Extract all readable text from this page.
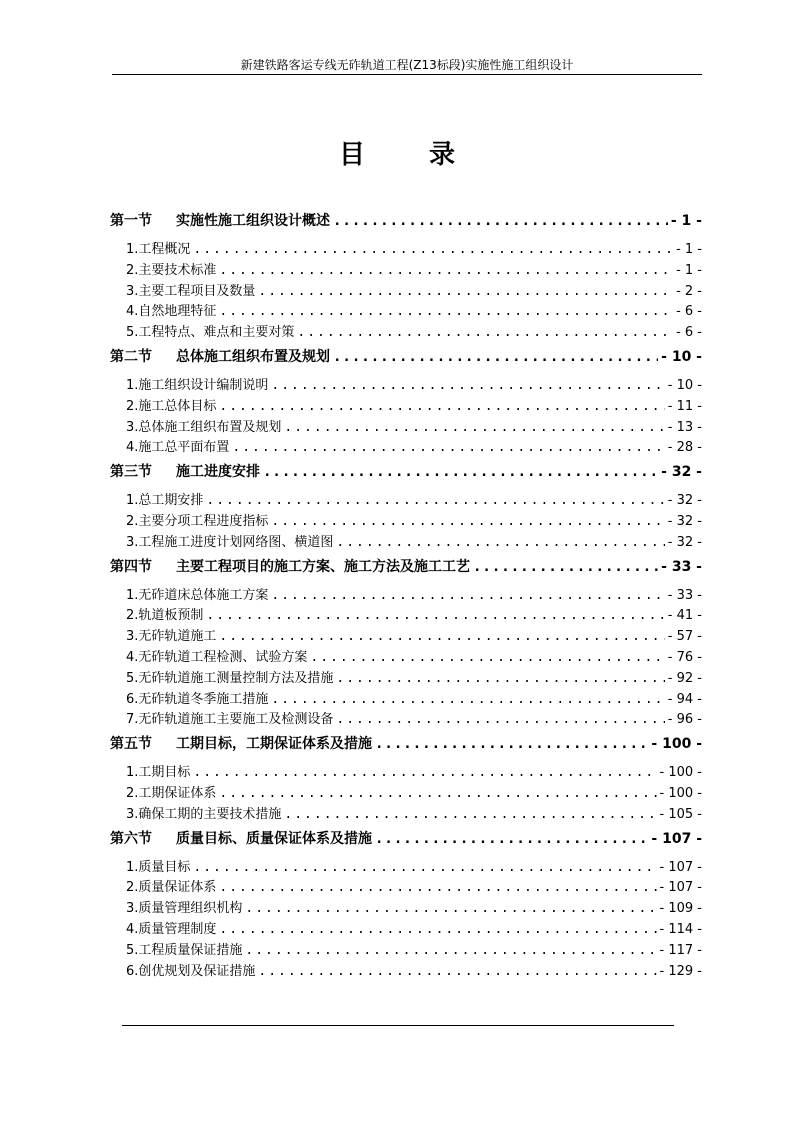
新建铁路客运专线无砟轨道工程(Z13标段)实施性施工组织设计
目录
第一节 实施性施工组织设计概述 .....	- 1 -
1.工程概况 .....	- 1 -
2.主要技术标准 .....	- 1 -
3.主要工程项目及数量 .....	- 2 -
4.自然地理特征 .....	- 6 -
5.工程特点、难点和主要对策 .....	- 6 -
第二节 总体施工组织布置及规划 .....	- 10 -
1.施工组织设计编制说明 .....	- 10 -
2.施工总体目标 .....	- 11 -
3.总体施工组织布置及规划 .....	- 13 -
4.施工总平面布置 .....	- 28 -
第三节 施工进度安排 .....	- 32 -
1.总工期安排 .....	- 32 -
2.主要分项工程进度指标 .....	- 32 -
3.工程施工进度计划网络图、横道图 .....	- 32 -
第四节 主要工程项目的施工方案、施工方法及施工工艺 .....	- 33 -
1.无砟道床总体施工方案 .....	- 33 -
2.轨道板预制 .....	- 41 -
3.无砟轨道施工 .....	- 57 -
4.无砟轨道工程检测、试验方案 .....	- 76 -
5.无砟轨道施工测量控制方法及措施 .....	- 92 -
6.无砟轨道冬季施工措施 .....	- 94 -
7.无砟轨道施工主要施工及检测设备 .....	- 96 -
第五节 工期目标，工期保证体系及措施 .....	- 100 -
1.工期目标 .....	- 100 -
2.工期保证体系 .....	- 100 -
3.确保工期的主要技术措施 .....	- 105 -
第六节 质量目标、质量保证体系及措施 .....	- 107 -
1.质量目标 .....	- 107 -
2.质量保证体系 .....	- 107 -
3.质量管理组织机构 .....	- 109 -
4.质量管理制度 .....	- 114 -
5.工程质量保证措施 .....	- 117 -
6.创优规划及保证措施 .....	- 129 -
